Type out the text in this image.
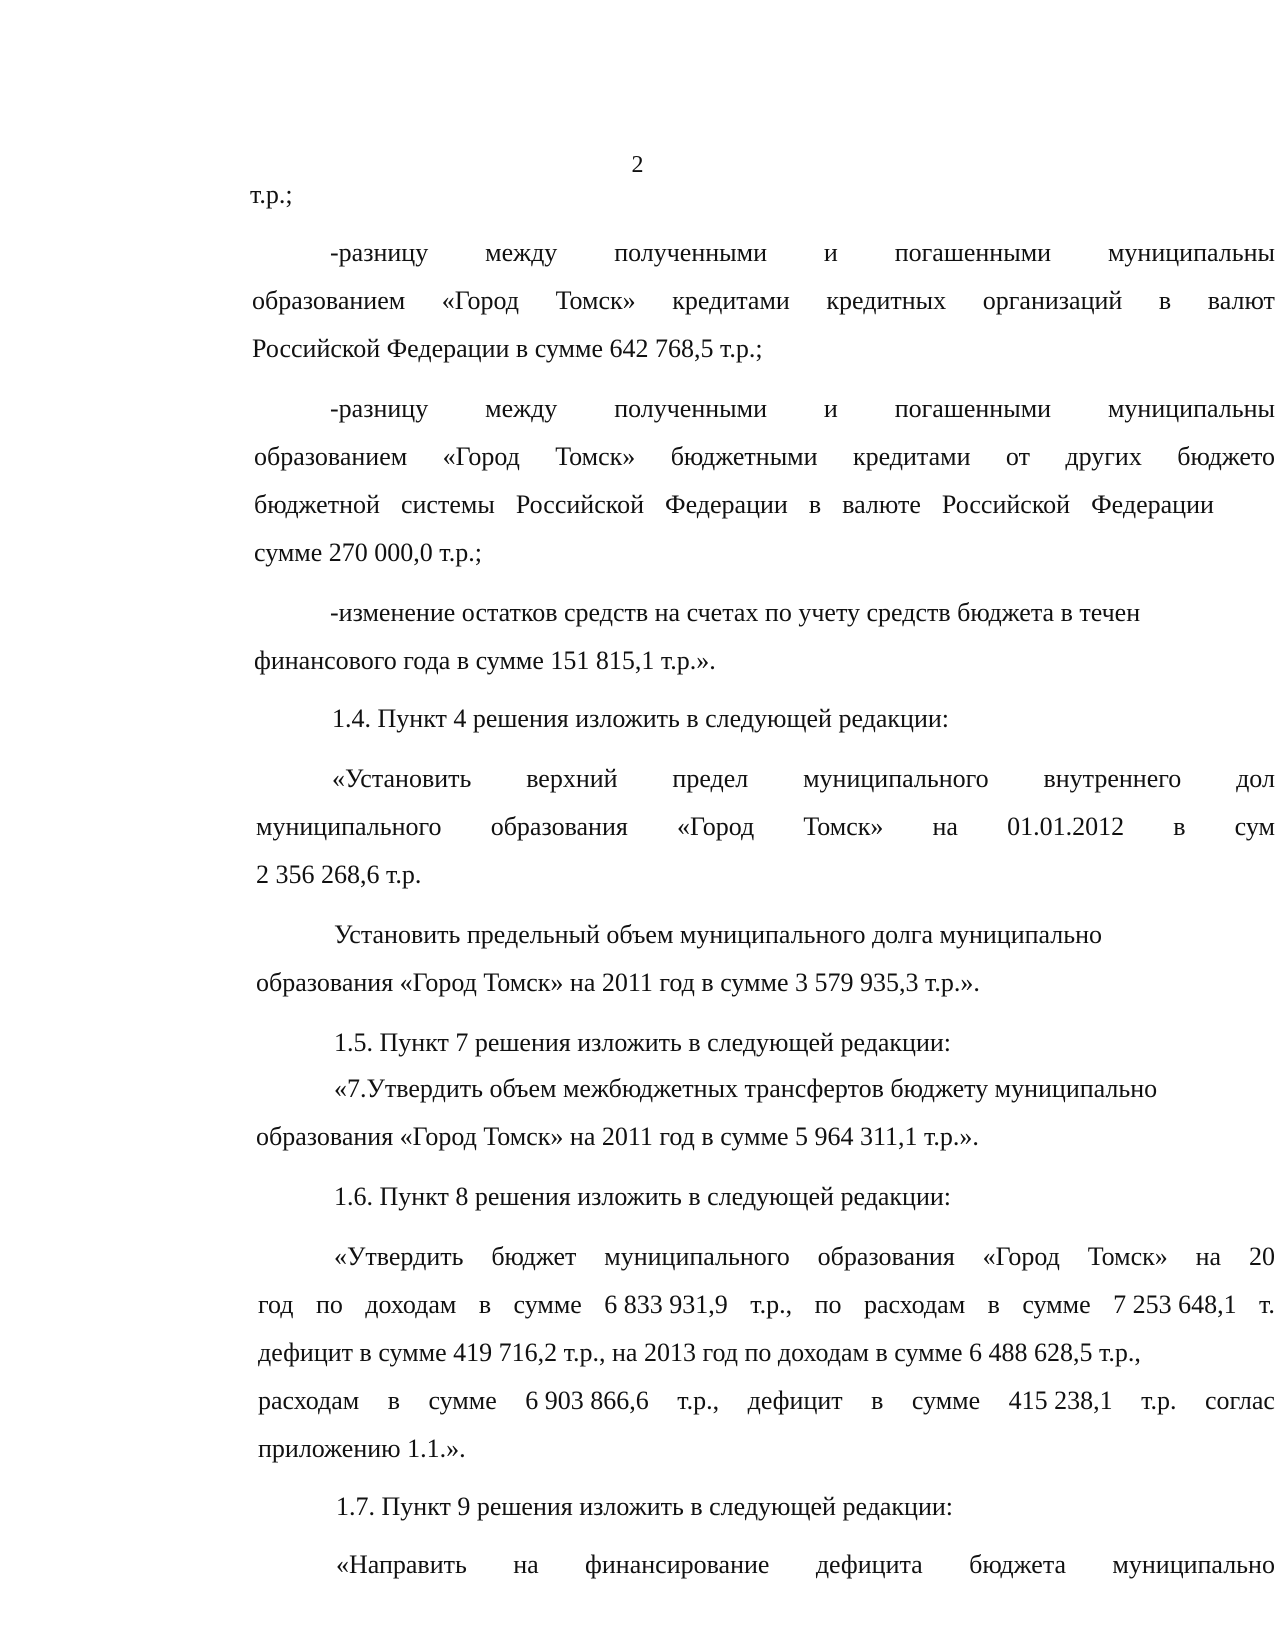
2
т.р.;
-разницу между полученными и погашенными муниципальны
образованием «Город Томск» кредитами кредитных организаций в валют
Российской Федерации в сумме 642 768,5 т.р.;
-разницу между полученными и погашенными муниципальны
образованием «Город Томск» бюджетными кредитами от других бюджето
бюджетной системы Российской Федерации в валюте Российской Федерации
сумме 270 000,0 т.р.;
-изменение остатков средств на счетах по учету средств бюджета в течен
финансового года в сумме 151 815,1 т.р.».
1.4. Пункт 4 решения изложить в следующей редакции:
«Установить верхний предел муниципального внутреннего дол
муниципального образования «Город Томск» на 01.01.2012 в сум
2 356 268,6 т.р.
Установить предельный объем муниципального долга муниципально
образования «Город Томск» на 2011 год в сумме 3 579 935,3 т.р.».
1.5. Пункт 7 решения изложить в следующей редакции:
«7.Утвердить объем межбюджетных трансфертов бюджету муниципально
образования «Город Томск» на 2011 год в сумме 5 964 311,1 т.р.».
1.6. Пункт 8 решения изложить в следующей редакции:
«Утвердить бюджет муниципального образования «Город Томск» на 20
год по доходам в сумме 6 833 931,9 т.р., по расходам в сумме 7 253 648,1 т.
дефицит в сумме 419 716,2 т.р., на 2013 год по доходам в сумме 6 488 628,5 т.р.,
расходам в сумме 6 903 866,6 т.р., дефицит в сумме 415 238,1 т.р. соглас
приложению 1.1.».
1.7. Пункт 9 решения изложить в следующей редакции:
«Направить на финансирование дефицита бюджета муниципально
